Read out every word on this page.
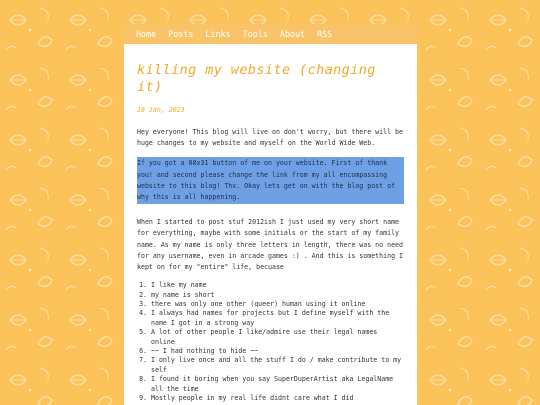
Home Posts Links Tools About RSS
killing my website (changing it)
18 Jan, 2023

Hey everyone! This blog will live on don't worry, but there will be huge changes to my website and myself on the World Wide Web.

If you got a 88x31 button of me on your website. First of thank you! and second please change the link from my all encompassing website to this blog! Thx. Okay lets get on with the blog post of why this is all happening.

When I started to post stuf 2012ish I just used my very short name for everything, maybe with some initials or the start of my family name. As my name is only three letters in length, there was no need for any username, even in arcade games :) . And this is something I kept on for my "entire" life, becuase

1. I like my name
2. my name is short
3. there was only one other (queer) human using it online
4. I always had names for projects but I define myself with the name I got in a strong way
5. A lot of other people I like/admire use their legal names online
6. ~~ I had nothing to hide ~~
7. I only live once and all the stuff I do / make contribute to my self
8. I found it boring when you say SuperDuperArtist aka LegalName all the time
9. Mostly people in my real life didnt care what I did
